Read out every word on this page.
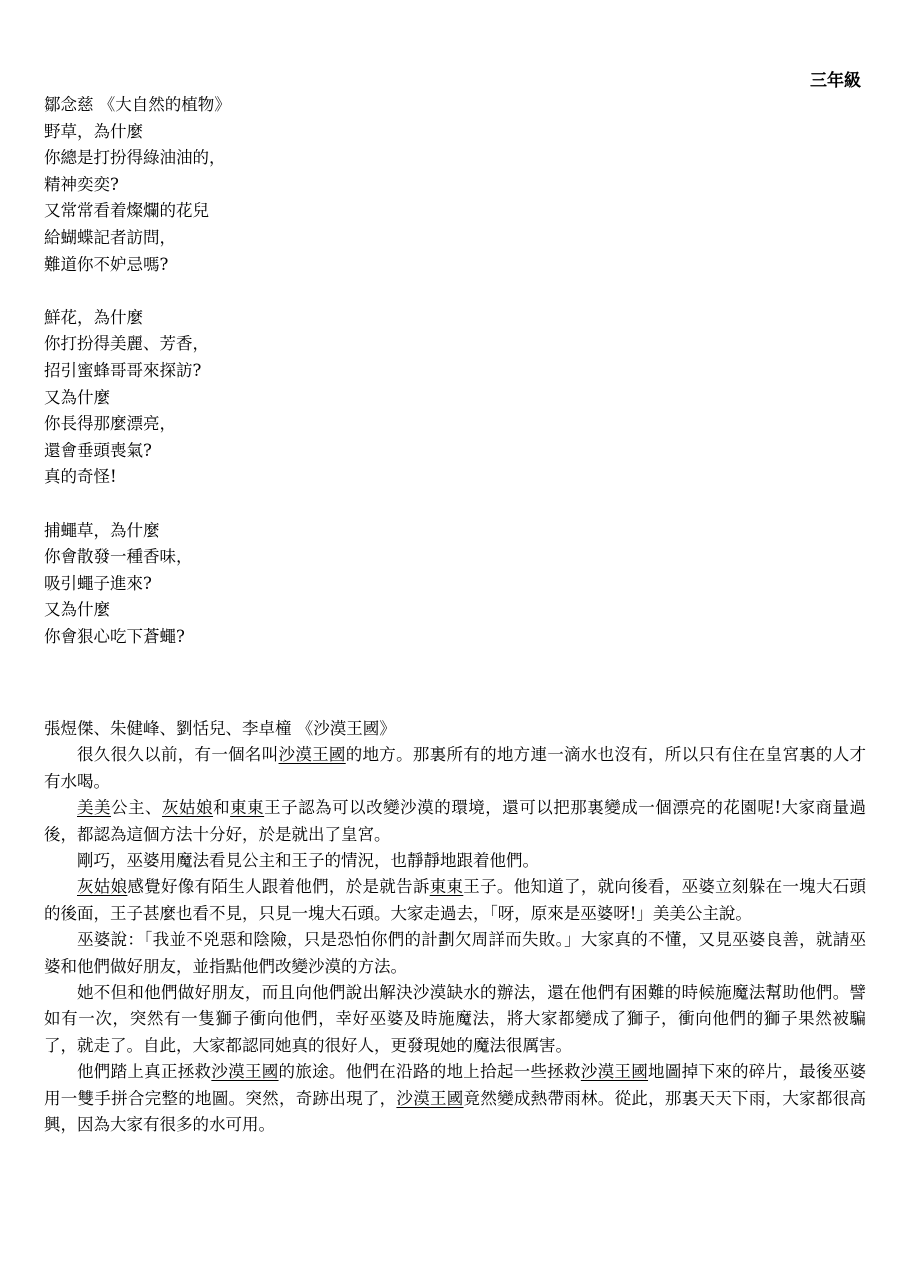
三年級
鄒念慈 《大自然的植物》
野草，為什麼
你總是打扮得綠油油的，
精神奕奕?
又常常看着燦爛的花兒
給蝴蝶記者訪問，
難道你不妒忌嗎?
鮮花，為什麼
你打扮得美麗、芳香，
招引蜜蜂哥哥來探訪?
又為什麼
你長得那麼漂亮，
還會垂頭喪氣?
真的奇怪!
捕蠅草，為什麼
你會散發一種香味，
吸引蠅子進來?
又為什麼
你會狠心吃下蒼蠅?
張煜傑、朱健峰、劉恬兒、李卓橦 《沙漠王國》

很久很久以前，有一個名叫沙漠王國的地方。那裏所有的地方連一滴水也沒有，所以只有住在皇宮裏的人才有水喝。

美美公主、灰姑娘和東東王子認為可以改變沙漠的環境，還可以把那裏變成一個漂亮的花園呢!大家商量過後，都認為這個方法十分好，於是就出了皇宮。

剛巧，巫婆用魔法看見公主和王子的情況，也靜靜地跟着他們。

灰姑娘感覺好像有陌生人跟着他們，於是就告訴東東王子。他知道了，就向後看，巫婆立刻躲在一塊大石頭的後面，王子甚麼也看不見，只見一塊大石頭。大家走過去，「呀，原來是巫婆呀!」美美公主說。

巫婆說：「我並不兇惡和陰險，只是恐怕你們的計劃欠周詳而失敗。」大家真的不懂，又見巫婆良善，就請巫婆和他們做好朋友，並指點他們改變沙漠的方法。

她不但和他們做好朋友，而且向他們說出解決沙漠缺水的辦法，還在他們有困難的時候施魔法幫助他們。譬如有一次，突然有一隻獅子衝向他們，幸好巫婆及時施魔法，將大家都變成了獅子，衝向他們的獅子果然被騙了，就走了。自此，大家都認同她真的很好人，更發現她的魔法很厲害。

他們踏上真正拯救沙漠王國的旅途。他們在沿路的地上拾起一些拯救沙漠王國地圖掉下來的碎片，最後巫婆用一雙手拼合完整的地圖。突然，奇跡出現了，沙漠王國竟然變成熱帶雨林。從此，那裏天天下雨，大家都很高興，因為大家有很多的水可用。
